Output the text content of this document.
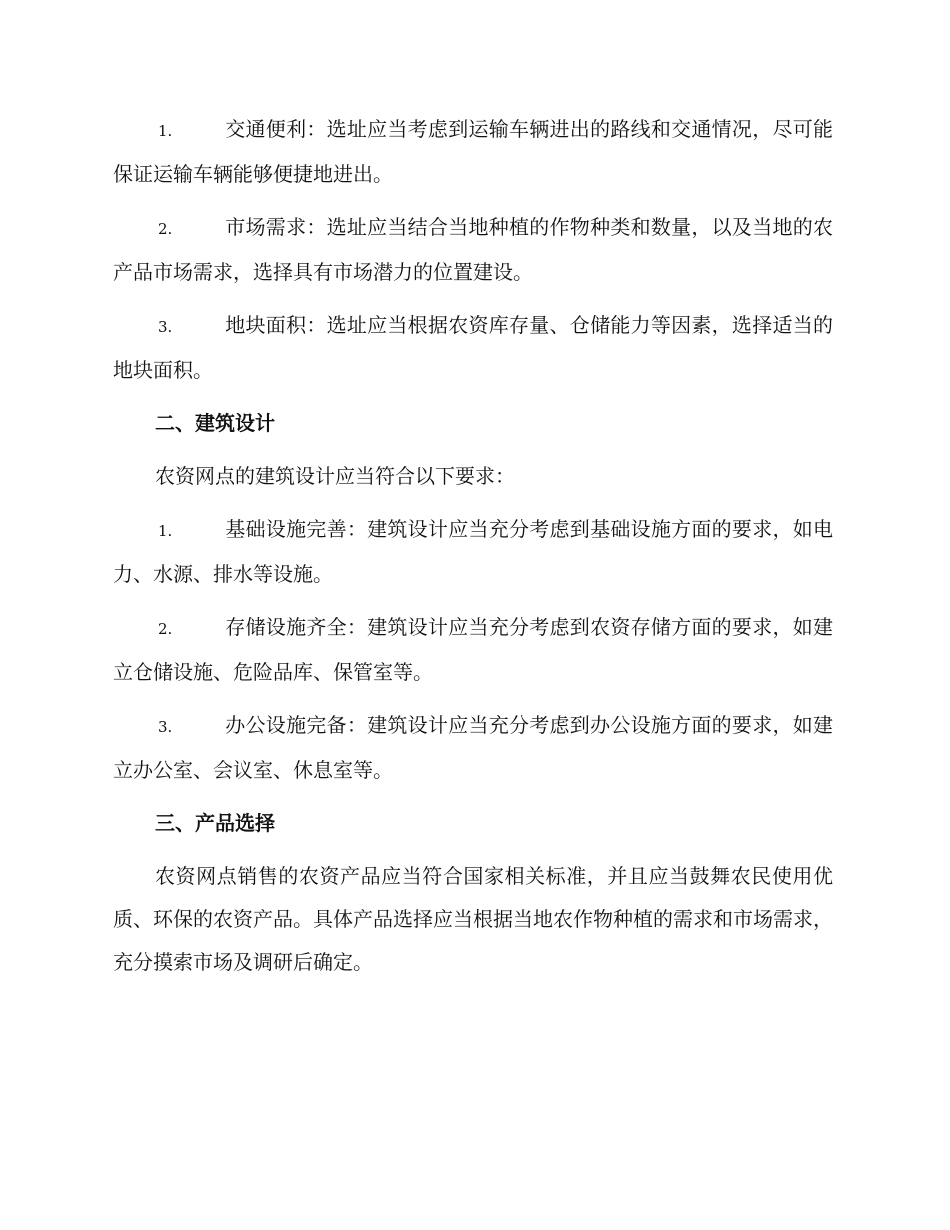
1.	交通便利：选址应当考虑到运输车辆进出的路线和交通情况，尽可能保证运输车辆能够便捷地进出。

2.	市场需求：选址应当结合当地种植的作物种类和数量，以及当地的农产品市场需求，选择具有市场潜力的位置建设。

3.	地块面积：选址应当根据农资库存量、仓储能力等因素，选择适当的地块面积。

二、建筑设计

农资网点的建筑设计应当符合以下要求：

1.	基础设施完善：建筑设计应当充分考虑到基础设施方面的要求，如电力、水源、排水等设施。

2.	存储设施齐全：建筑设计应当充分考虑到农资存储方面的要求，如建立仓储设施、危险品库、保管室等。

3.	办公设施完备：建筑设计应当充分考虑到办公设施方面的要求，如建立办公室、会议室、休息室等。

三、产品选择

农资网点销售的农资产品应当符合国家相关标准，并且应当鼓舞农民使用优质、环保的农资产品。具体产品选择应当根据当地农作物种植的需求和市场需求，充分摸索市场及调研后确定。
